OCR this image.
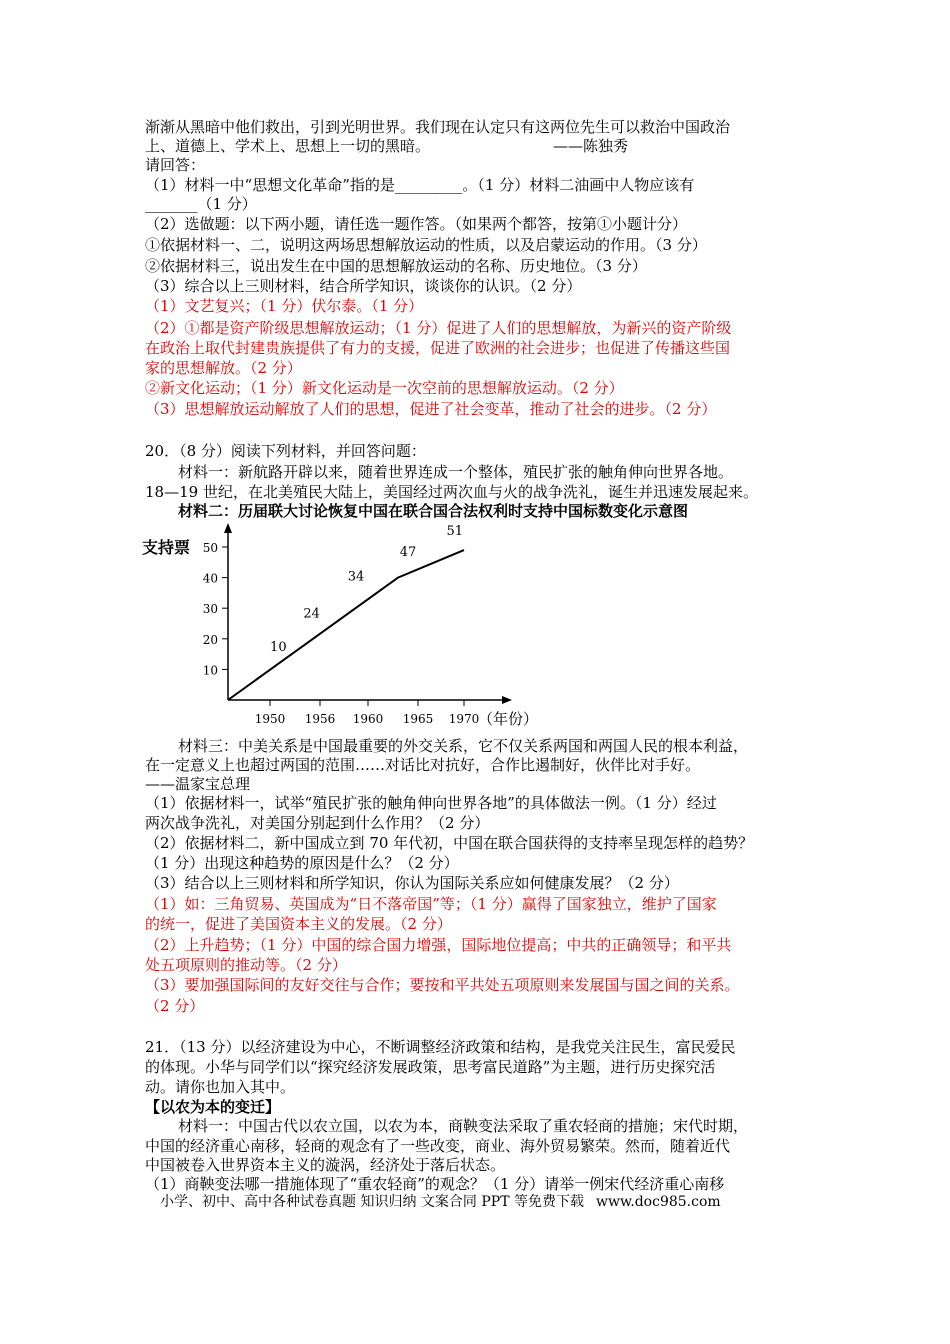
渐渐从黑暗中他们救出，引到光明世界。我们现在认定只有这两位先生可以救治中国政治
上、道德上、学术上、思想上一切的黑暗。	——陈独秀
请回答：
（1）材料一中“思想文化革命”指的是_________。（1 分）材料二油画中人物应该有
_______（1 分）
（2）选做题：以下两小题，请任选一题作答。（如果两个都答，按第①小题计分）
①依据材料一、二，说明这两场思想解放运动的性质，以及启蒙运动的作用。（3 分）
②依据材料三，说出发生在中国的思想解放运动的名称、历史地位。（3 分）
（3）综合以上三则材料，结合所学知识，谈谈你的认识。（2 分）
（1）文艺复兴；（1 分）伏尔泰。（1 分）
（2）①都是资产阶级思想解放运动；（1 分）促进了人们的思想解放，为新兴的资产阶级
在政治上取代封建贵族提供了有力的支援，促进了欧洲的社会进步；也促进了传播这些国
家的思想解放。（2 分）
②新文化运动；（1 分）新文化运动是一次空前的思想解放运动。（2 分）
（3）思想解放运动解放了人们的思想，促进了社会变革，推动了社会的进步。（2 分）
20．（8 分）阅读下列材料，并回答问题：
材料一：新航路开辟以来，随着世界连成一个整体，殖民扩张的触角伸向世界各地。
18—19 世纪，在北美殖民大陆上，美国经过两次血与火的战争洗礼，诞生并迅速发展起来。
材料二：历届联大讨论恢复中国在联合国合法权利时支持中国标数变化示意图
支持票
10
20
30
40
50
1950 1956 1960 1965 1970
10
24
34
47
51
（年份）
材料三：中美关系是中国最重要的外交关系，它不仅关系两国和两国人民的根本利益，
在一定意义上也超过两国的范围……对话比对抗好，合作比遏制好，伙伴比对手好。
——温家宝总理
（1）依据材料一，试举“殖民扩张的触角伸向世界各地”的具体做法一例。（1 分）经过
两次战争洗礼，对美国分别起到什么作用？（2 分）
（2）依据材料二，新中国成立到 70 年代初，中国在联合国获得的支持率呈现怎样的趋势？
（1 分）出现这种趋势的原因是什么？（2 分）
（3）结合以上三则材料和所学知识，你认为国际关系应如何健康发展？（2 分）
（1）如：三角贸易、英国成为“日不落帝国”等；（1 分）赢得了国家独立，维护了国家
的统一，促进了美国资本主义的发展。（2 分）
（2）上升趋势；（1 分）中国的综合国力增强，国际地位提高；中共的正确领导；和平共
处五项原则的推动等。（2 分）
（3）要加强国际间的友好交往与合作；要按和平共处五项原则来发展国与国之间的关系。
（2 分）
21．（13 分）以经济建设为中心，不断调整经济政策和结构，是我党关注民生，富民爱民
的体现。小华与同学们以“探究经济发展政策，思考富民道路”为主题，进行历史探究活
动。请你也加入其中。
【以农为本的变迁】
材料一：中国古代以农立国，以农为本，商鞅变法采取了重农轻商的措施；宋代时期，
中国的经济重心南移，轻商的观念有了一些改变，商业、海外贸易繁荣。然而，随着近代
中国被卷入世界资本主义的漩涡，经济处于落后状态。
（1）商鞅变法哪一措施体现了“重农轻商”的观念？（1 分）请举一例宋代经济重心南移
小学、初中、高中各种试卷真题 知识归纳 文案合同 PPT 等免费下载 www.doc985.com
